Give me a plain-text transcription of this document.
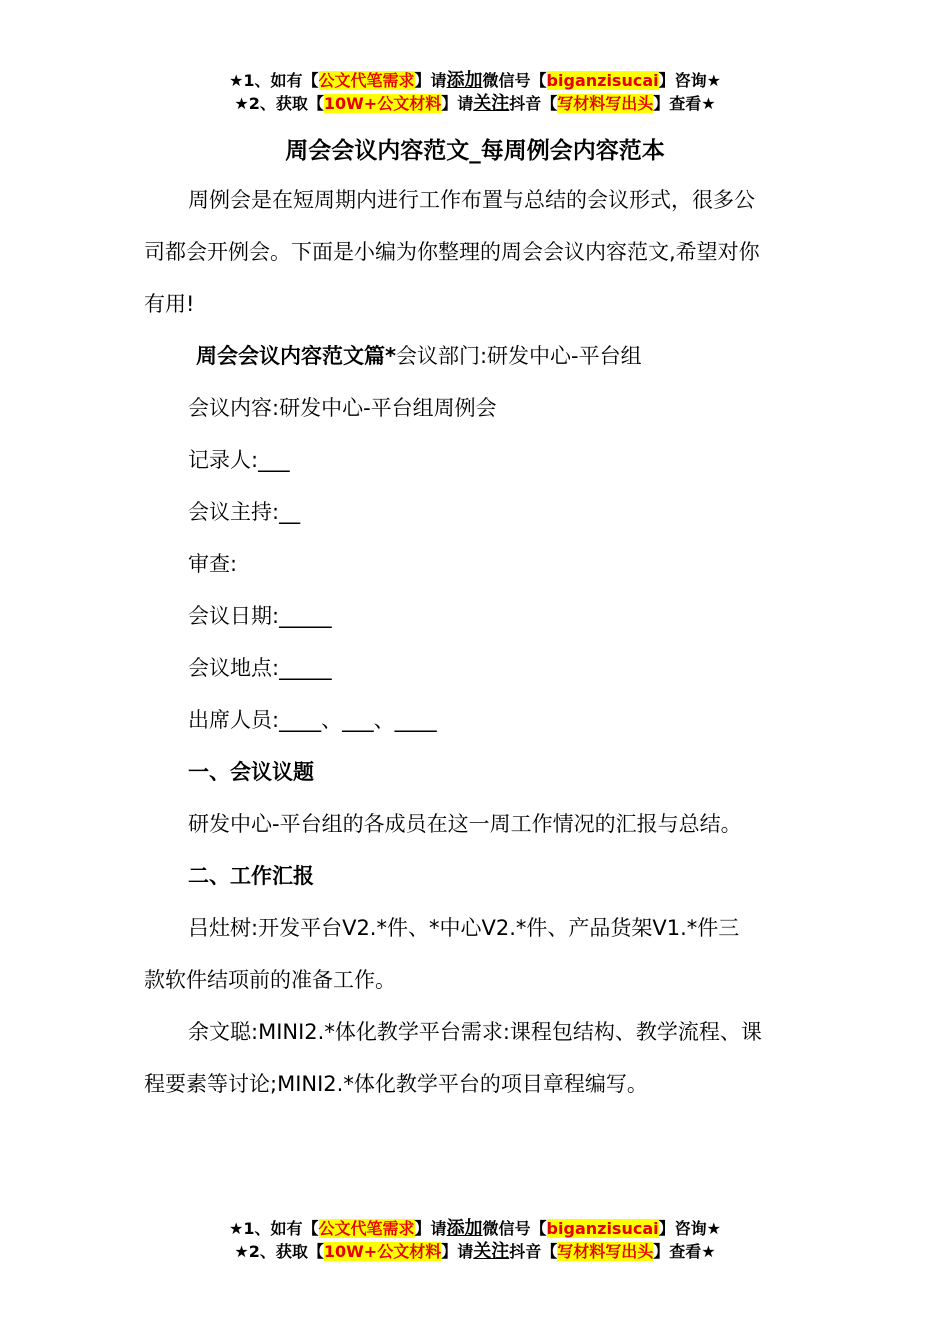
★1、如有【公文代笔需求】请添加微信号【biganzisucai】咨询★
★2、获取【10W+公文材料】请关注抖音【写材料写出头】查看★
周会会议内容范文_每周例会内容范本

周例会是在短周期内进行工作布置与总结的会议形式，很多公

司都会开例会。下面是小编为你整理的周会会议内容范文,希望对你

有用!

周会会议内容范文篇*会议部门:研发中心-平台组

会议内容:研发中心-平台组周例会

记录人:___

会议主持:__

审查:

会议日期:_____

会议地点:_____

出席人员:____、___、____

一、会议议题

研发中心-平台组的各成员在这一周工作情况的汇报与总结。

二、工作汇报

吕灶树:开发平台V2.*件、*中心V2.*件、产品货架V1.*件三

款软件结项前的准备工作。

余文聪:MINI2.*体化教学平台需求:课程包结构、教学流程、课

程要素等讨论;MINI2.*体化教学平台的项目章程编写。

★1、如有【公文代笔需求】请添加微信号【biganzisucai】咨询★
★2、获取【10W+公文材料】请关注抖音【写材料写出头】查看★
